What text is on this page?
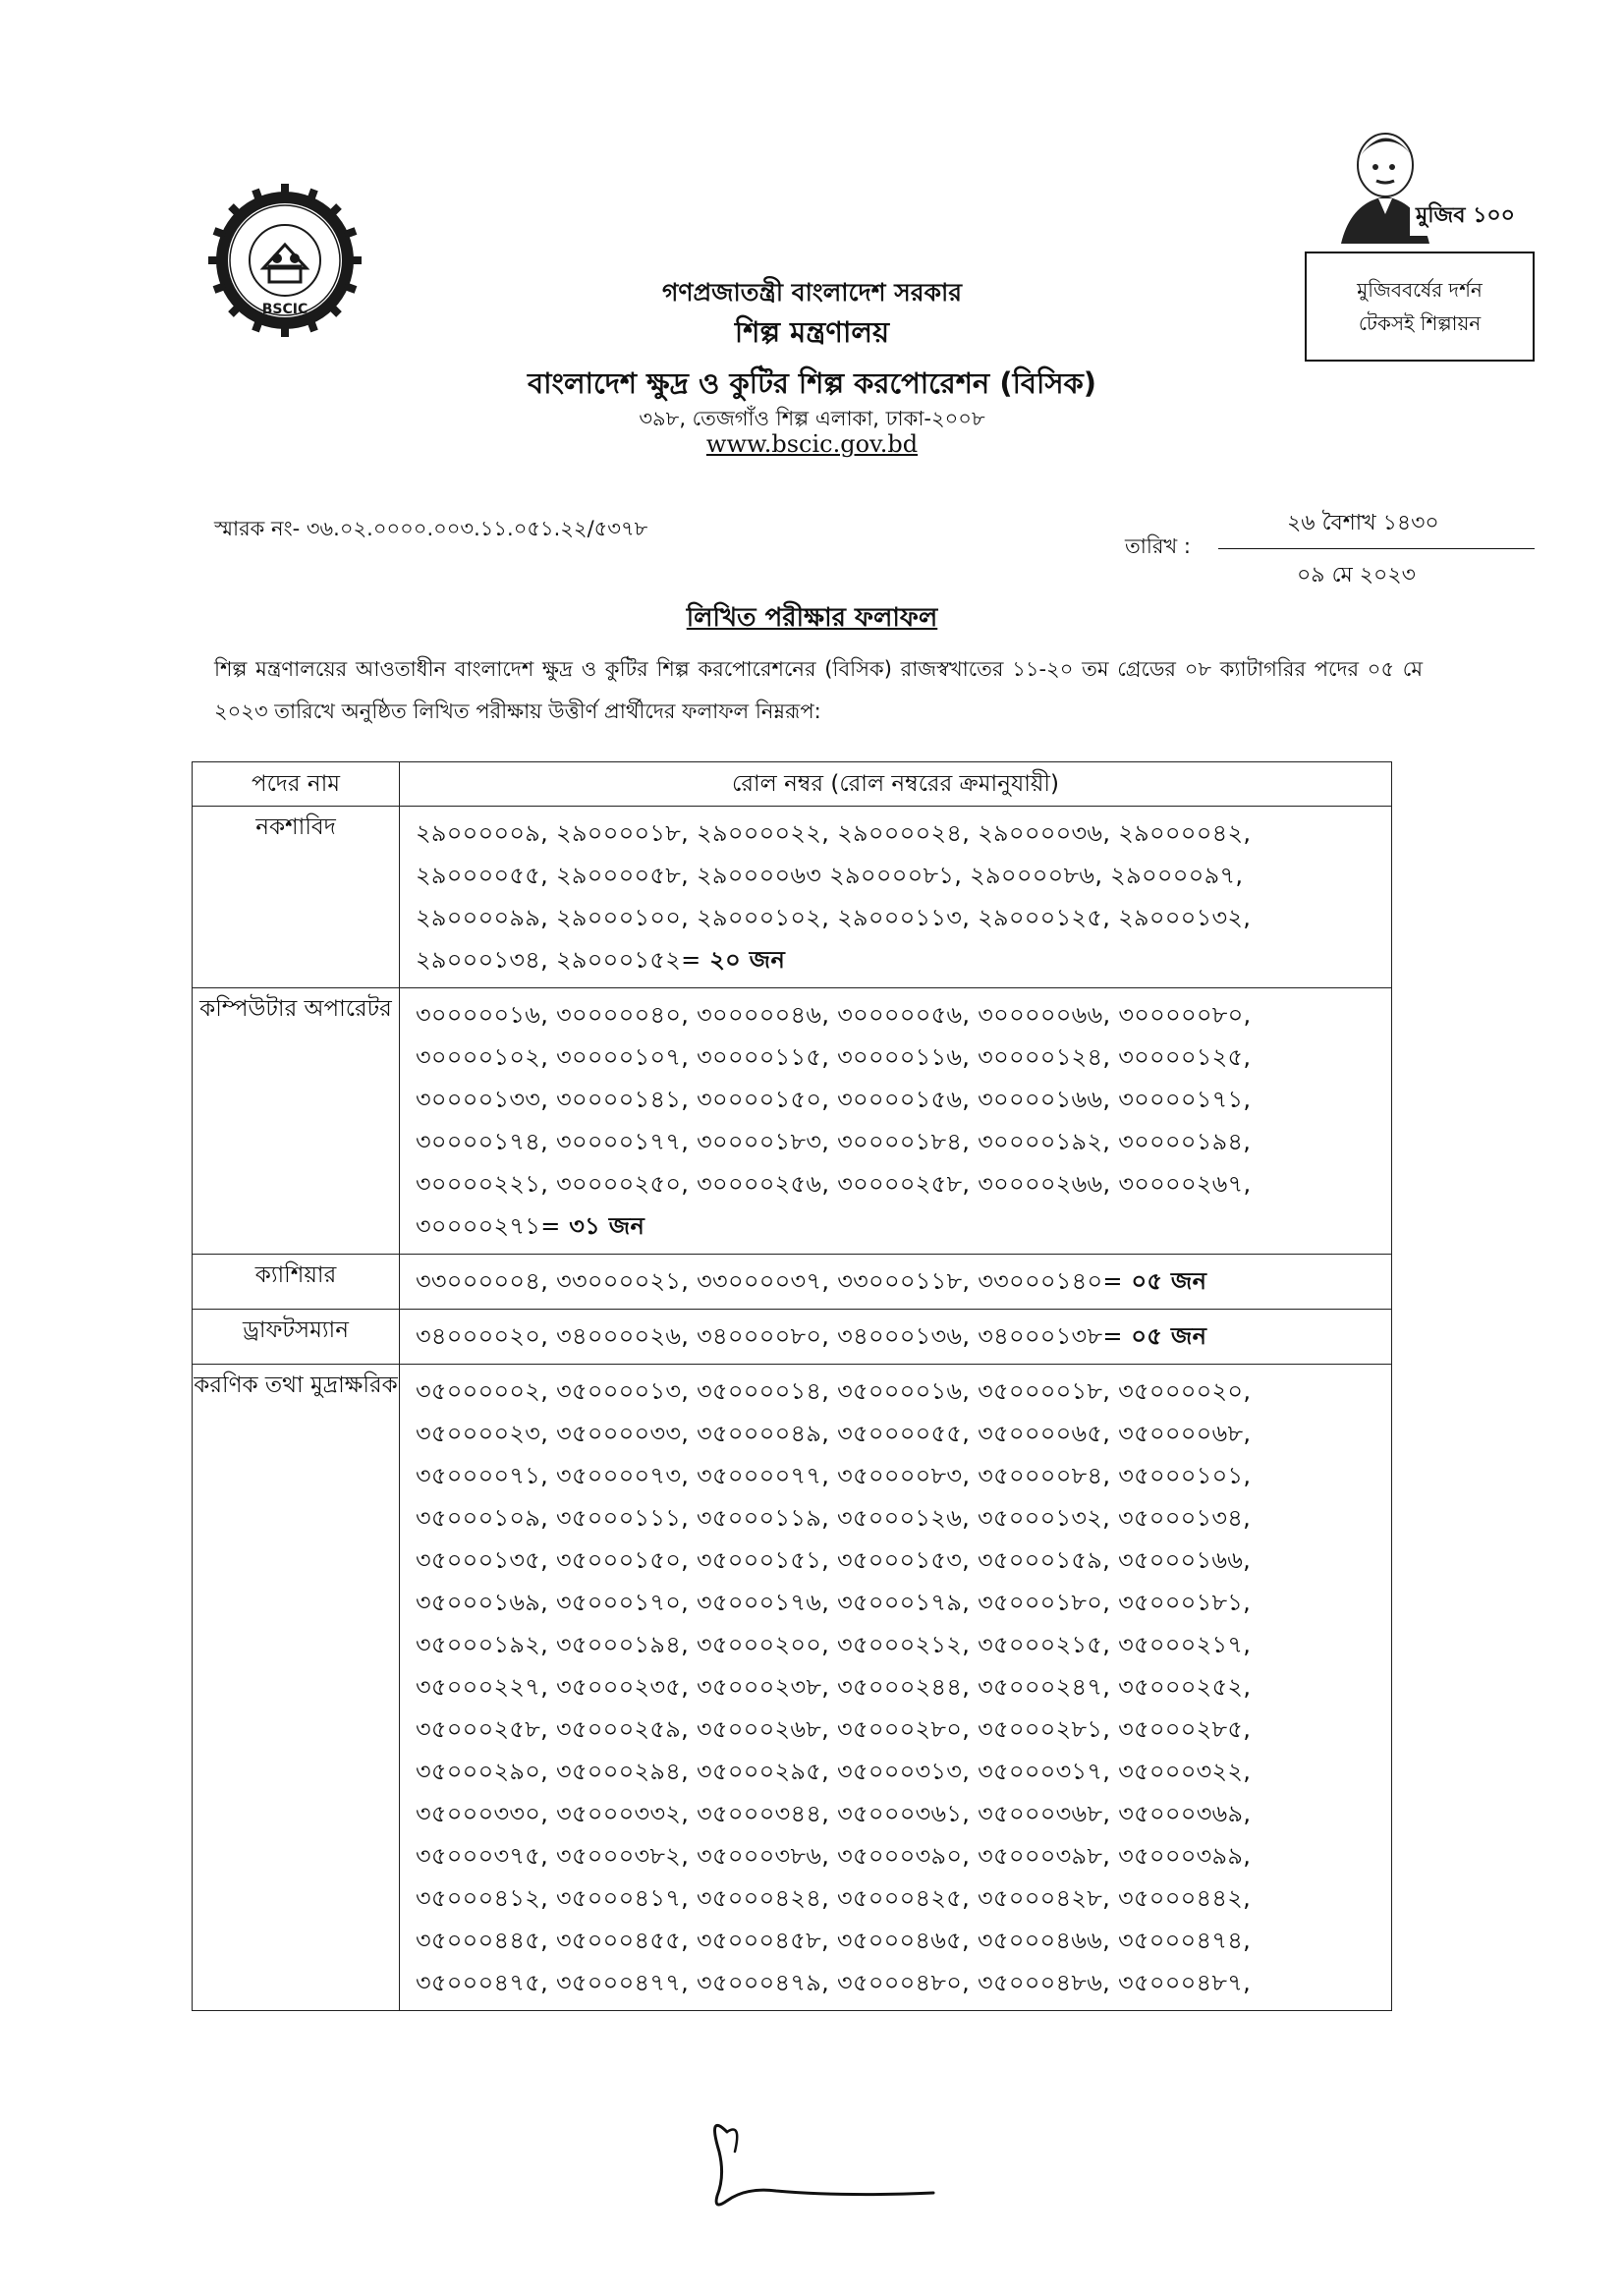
BSCIC
মুজিব ১০০
মুজিববর্ষের দর্শন
টেকসই শিল্পায়ন
গণপ্রজাতন্ত্রী বাংলাদেশ সরকার
শিল্প মন্ত্রণালয়
বাংলাদেশ ক্ষুদ্র ও কুটির শিল্প করপোরেশন (বিসিক)
৩৯৮, তেজগাঁও শিল্প এলাকা, ঢাকা-২০০৮
www.bscic.gov.bd
স্মারক নং- ৩৬.০২.০০০০.০০৩.১১.০৫১.২২/৫৩৭৮	২৬ বৈশাখ ১৪৩০
তারিখ :
০৯ মে ২০২৩
লিখিত পরীক্ষার ফলাফল
শিল্প মন্ত্রণালয়ের আওতাধীন বাংলাদেশ ক্ষুদ্র ও কুটির শিল্প করপোরেশনের (বিসিক) রাজস্বখাতের ১১-২০ তম গ্রেডের ০৮ ক্যাটাগরির পদের ০৫ মে ২০২৩ তারিখে অনুষ্ঠিত লিখিত পরীক্ষায় উত্তীর্ণ প্রার্থীদের ফলাফল নিম্নরূপ:
পদের নাম	রোল নম্বর (রোল নম্বরের ক্রমানুযায়ী)
নকশাবিদ	২৯০০০০০৯, ২৯০০০০১৮, ২৯০০০০২২, ২৯০০০০২৪, ২৯০০০০৩৬, ২৯০০০০৪২, ২৯০০০০৫৫, ২৯০০০০৫৮, ২৯০০০০৬৩ ২৯০০০০৮১, ২৯০০০০৮৬, ২৯০০০০৯৭, ২৯০০০০৯৯, ২৯০০০১০০, ২৯০০০১০২, ২৯০০০১১৩, ২৯০০০১২৫, ২৯০০০১৩২, ২৯০০০১৩৪, ২৯০০০১৫২= ২০ জন
কম্পিউটার অপারেটর	৩০০০০০১৬, ৩০০০০০৪০, ৩০০০০০৪৬, ৩০০০০০৫৬, ৩০০০০০৬৬, ৩০০০০০৮০, ৩০০০০১০২, ৩০০০০১০৭, ৩০০০০১১৫, ৩০০০০১১৬, ৩০০০০১২৪, ৩০০০০১২৫, ৩০০০০১৩৩, ৩০০০০১৪১, ৩০০০০১৫০, ৩০০০০১৫৬, ৩০০০০১৬৬, ৩০০০০১৭১, ৩০০০০১৭৪, ৩০০০০১৭৭, ৩০০০০১৮৩, ৩০০০০১৮৪, ৩০০০০১৯২, ৩০০০০১৯৪, ৩০০০০২২১, ৩০০০০২৫০, ৩০০০০২৫৬, ৩০০০০২৫৮, ৩০০০০২৬৬, ৩০০০০২৬৭, ৩০০০০২৭১= ৩১ জন
ক্যাশিয়ার	৩৩০০০০০৪, ৩৩০০০০২১, ৩৩০০০০৩৭, ৩৩০০০১১৮, ৩৩০০০১৪০= ০৫ জন
ড্রাফটসম্যান	৩৪০০০০২০, ৩৪০০০০২৬, ৩৪০০০০৮০, ৩৪০০০১৩৬, ৩৪০০০১৩৮= ০৫ জন
করণিক তথা মুদ্রাক্ষরিক	৩৫০০০০০২, ৩৫০০০০১৩, ৩৫০০০০১৪, ৩৫০০০০১৬, ৩৫০০০০১৮, ৩৫০০০০২০, ৩৫০০০০২৩, ৩৫০০০০৩৩, ৩৫০০০০৪৯, ৩৫০০০০৫৫, ৩৫০০০০৬৫, ৩৫০০০০৬৮, ৩৫০০০০৭১, ৩৫০০০০৭৩, ৩৫০০০০৭৭, ৩৫০০০০৮৩, ৩৫০০০০৮৪, ৩৫০০০১০১, ৩৫০০০১০৯, ৩৫০০০১১১, ৩৫০০০১১৯, ৩৫০০০১২৬, ৩৫০০০১৩২, ৩৫০০০১৩৪, ৩৫০০০১৩৫, ৩৫০০০১৫০, ৩৫০০০১৫১, ৩৫০০০১৫৩, ৩৫০০০১৫৯, ৩৫০০০১৬৬, ৩৫০০০১৬৯, ৩৫০০০১৭০, ৩৫০০০১৭৬, ৩৫০০০১৭৯, ৩৫০০০১৮০, ৩৫০০০১৮১, ৩৫০০০১৯২, ৩৫০০০১৯৪, ৩৫০০০২০০, ৩৫০০০২১২, ৩৫০০০২১৫, ৩৫০০০২১৭, ৩৫০০০২২৭, ৩৫০০০২৩৫, ৩৫০০০২৩৮, ৩৫০০০২৪৪, ৩৫০০০২৪৭, ৩৫০০০২৫২, ৩৫০০০২৫৮, ৩৫০০০২৫৯, ৩৫০০০২৬৮, ৩৫০০০২৮০, ৩৫০০০২৮১, ৩৫০০০২৮৫, ৩৫০০০২৯০, ৩৫০০০২৯৪, ৩৫০০০২৯৫, ৩৫০০০৩১৩, ৩৫০০০৩১৭, ৩৫০০০৩২২, ৩৫০০০৩৩০, ৩৫০০০৩৩২, ৩৫০০০৩৪৪, ৩৫০০০৩৬১, ৩৫০০০৩৬৮, ৩৫০০০৩৬৯, ৩৫০০০৩৭৫, ৩৫০০০৩৮২, ৩৫০০০৩৮৬, ৩৫০০০৩৯০, ৩৫০০০৩৯৮, ৩৫০০০৩৯৯, ৩৫০০০৪১২, ৩৫০০০৪১৭, ৩৫০০০৪২৪, ৩৫০০০৪২৫, ৩৫০০০৪২৮, ৩৫০০০৪৪২, ৩৫০০০৪৪৫, ৩৫০০০৪৫৫, ৩৫০০০৪৫৮, ৩৫০০০৪৬৫, ৩৫০০০৪৬৬, ৩৫০০০৪৭৪, ৩৫০০০৪৭৫, ৩৫০০০৪৭৭, ৩৫০০০৪৭৯, ৩৫০০০৪৮০, ৩৫০০০৪৮৬, ৩৫০০০৪৮৭,
